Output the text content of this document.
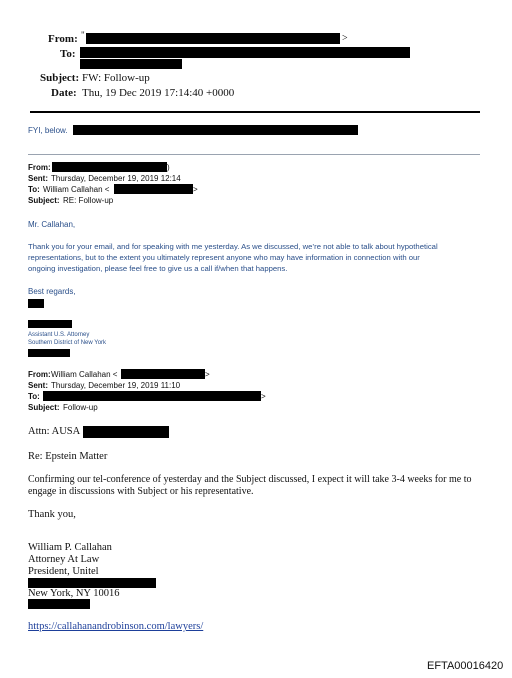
From: "	>
To:
Subject: FW: Follow-up
Date: Thu, 19 Dec 2019 17:14:40 +0000
FYI, below.
From:	)
Sent: Thursday, December 19, 2019 12:14
To: William Callahan <	>
Subject: RE: Follow-up
Mr. Callahan,
Thank you for your email, and for speaking with me yesterday. As we discussed, we’re not able to talk about hypothetical
representations, but to the extent you ultimately represent anyone who may have information in connection with our
ongoing investigation, please feel free to give us a call if/when that happens.
Best regards,
Assistant U.S. Attorney
Southern District of New York
From: William Callahan <	>
Sent: Thursday, December 19, 2019 11:10
To:	>
Subject: Follow-up
Attn: AUSA
Re: Epstein Matter
Confirming our tel-conference of yesterday and the Subject discussed, I expect it will take 3-4 weeks for me to
engage in discussions with Subject or his representative.
Thank you,
William P. Callahan
Attorney At Law
President, Unitel
New York, NY 10016
https://callahanandrobinson.com/lawyers/
EFTA00016420
